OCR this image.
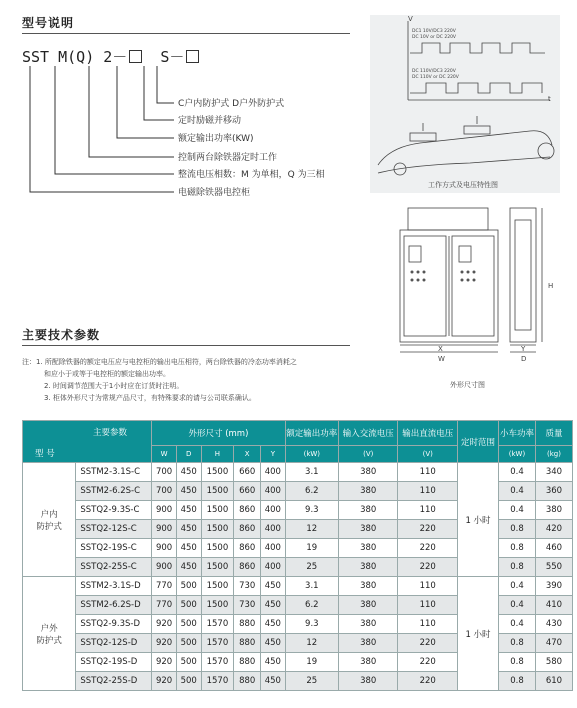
型号说明
SST M(Q) 2－ S－
C户内防护式 D户外防护式
定时励磁并移动
额定输出功率(KW)
控制两台除铁器定时工作
整流电压相数：M 为单相，Q 为三相
电磁除铁器电控柜
V
t
DC1 10V/DC3 220V
DC 10V or DC 220V
DC 110V/DC3 220V
DC 110V or DC 220V
工作方式及电压特性图
X
W
Y
D
H
外形尺寸图
主要技术参数
注：1. 所配除铁器的额定电压应与电控柜的输出电压相符，两台除铁器的冷态功率消耗之
和应小于或等于电控柜的额定输出功率。
2. 时间调节范围大于1小时应在订货时注明。
3. 柜体外形尺寸为常规产品尺寸，有特殊要求的请与公司联系确认。
主要参数
型 号		外形尺寸 (mm)					额定输出功率	输入交流电压	输出直流电压	定时范围	小车功率	质量
		W	D	H	X	Y	(kW)	(V)	(V)		(kW)	(kg)

户内
防护式	SSTM2-3.1S-C	700	450	1500	660	400	3.1	380	110	1 小时	0.4	340
	SSTM2-6.2S-C	700	450	1500	660	400	6.2	380	110		0.4	360
	SSTQ2-9.3S-C	900	450	1500	860	400	9.3	380	110		0.4	380
	SSTQ2-12S-C	900	450	1500	860	400	12	380	220		0.8	420
	SSTQ2-19S-C	900	450	1500	860	400	19	380	220		0.8	460
	SSTQ2-25S-C	900	450	1500	860	400	25	380	220		0.8	550

户外
防护式	SSTM2-3.1S-D	770	500	1500	730	450	3.1	380	110	1 小时	0.4	390
	SSTM2-6.2S-D	770	500	1500	730	450	6.2	380	110		0.4	410
	SSTQ2-9.3S-D	920	500	1570	880	450	9.3	380	110		0.4	430
	SSTQ2-12S-D	920	500	1570	880	450	12	380	220		0.8	470
	SSTQ2-19S-D	920	500	1570	880	450	19	380	220		0.8	580
	SSTQ2-25S-D	920	500	1570	880	450	25	380	220		0.8	610
